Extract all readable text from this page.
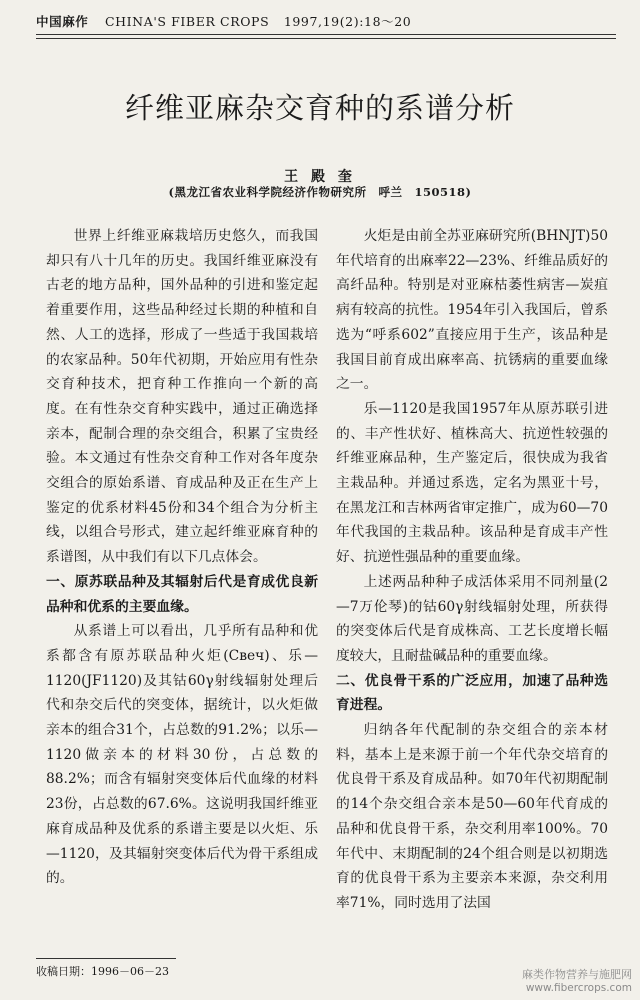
中国麻作 CHINA'S FIBER CROPS 1997,19(2):18～20
纤维亚麻杂交育种的系谱分析
王 殿 奎
(黑龙江省农业科学院经济作物研究所　呼兰　150518)

世界上纤维亚麻栽培历史悠久，而我国却只有八十几年的历史。我国纤维亚麻没有古老的地方品种，国外品种的引进和鉴定起着重要作用，这些品种经过长期的种植和自然、人工的选择，形成了一些适于我国栽培的农家品种。50年代初期，开始应用有性杂交育种技术，把育种工作推向一个新的高度。在有性杂交育种实践中，通过正确选择亲本，配制合理的杂交组合，积累了宝贵经验。本文通过有性杂交育种工作对各年度杂交组合的原始系谱、育成品种及正在生产上鉴定的优系材料45份和34个组合为分析主线，以组合号形式，建立起纤维亚麻育种的系谱图，从中我们有以下几点体会。

一、原苏联品种及其辐射后代是育成优良新品种和优系的主要血缘。

从系谱上可以看出，几乎所有品种和优系都含有原苏联品种火炬(Свеч)、乐—1120(JF1120)及其钴60γ射线辐射处理后代和杂交后代的突变体，据统计，以火炬做亲本的组合31个，占总数的91.2%；以乐—1120做亲本的材料30份，占总数的88.2%；而含有辐射突变体后代血缘的材料23份，占总数的67.6%。这说明我国纤维亚麻育成品种及优系的系谱主要是以火炬、乐—1120，及其辐射突变体后代为骨干系组成的。

火炬是由前全苏亚麻研究所(BHNJT)50年代培育的出麻率22—23%、纤维品质好的高纤品种。特别是对亚麻枯萎性病害—炭疽病有较高的抗性。1954年引入我国后，曾系选为“呼系602”直接应用于生产，该品种是我国目前育成出麻率高、抗锈病的重要血缘之一。

乐—1120是我国1957年从原苏联引进的、丰产性状好、植株高大、抗逆性较强的纤维亚麻品种，生产鉴定后，很快成为我省主栽品种。并通过系选，定名为黑亚十号，在黑龙江和吉林两省审定推广，成为60—70年代我国的主栽品种。该品种是育成丰产性好、抗逆性强品种的重要血缘。

上述两品种种子成活体采用不同剂量(2—7万伦琴)的钴60γ射线辐射处理，所获得的突变体后代是育成株高、工艺长度增长幅度较大，且耐盐碱品种的重要血缘。

二、优良骨干系的广泛应用，加速了品种选育进程。

归纳各年代配制的杂交组合的亲本材料，基本上是来源于前一个年代杂交培育的优良骨干系及育成品种。如70年代初期配制的14个杂交组合亲本是50—60年代育成的品种和优良骨干系，杂交利用率100%。70年代中、末期配制的24个组合则是以初期选育的优良骨干系为主要亲本来源，杂交利用率71%，同时选用了法国

收稿日期：1996－06－23	麻类作物营养与施肥网
www.fibercrops.com
